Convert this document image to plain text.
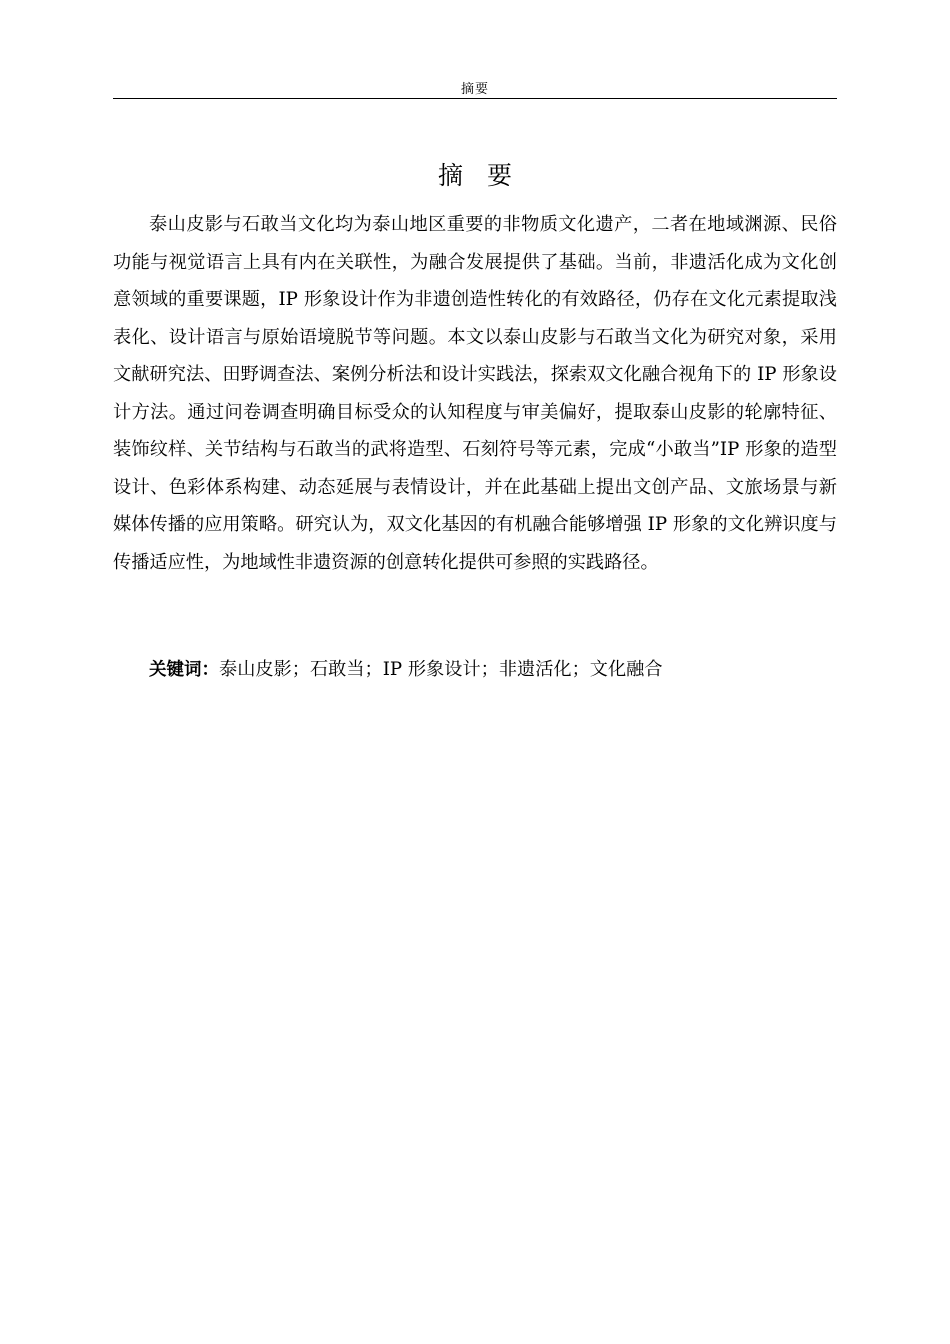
摘要
摘要

泰山皮影与石敢当文化均为泰山地区重要的非物质文化遗产，二者在地域渊源、民俗功能与视觉语言上具有内在关联性，为融合发展提供了基础。当前，非遗活化成为文化创意领域的重要课题，IP 形象设计作为非遗创造性转化的有效路径，仍存在文化元素提取浅表化、设计语言与原始语境脱节等问题。本文以泰山皮影与石敢当文化为研究对象，采用文献研究法、田野调查法、案例分析法和设计实践法，探索双文化融合视角下的 IP 形象设计方法。通过问卷调查明确目标受众的认知程度与审美偏好，提取泰山皮影的轮廓特征、装饰纹样、关节结构与石敢当的武将造型、石刻符号等元素，完成“小敢当”IP 形象的造型设计、色彩体系构建、动态延展与表情设计，并在此基础上提出文创产品、文旅场景与新媒体传播的应用策略。研究认为，双文化基因的有机融合能够增强 IP 形象的文化辨识度与传播适应性，为地域性非遗资源的创意转化提供可参照的实践路径。

关键词：泰山皮影；石敢当；IP 形象设计；非遗活化；文化融合
